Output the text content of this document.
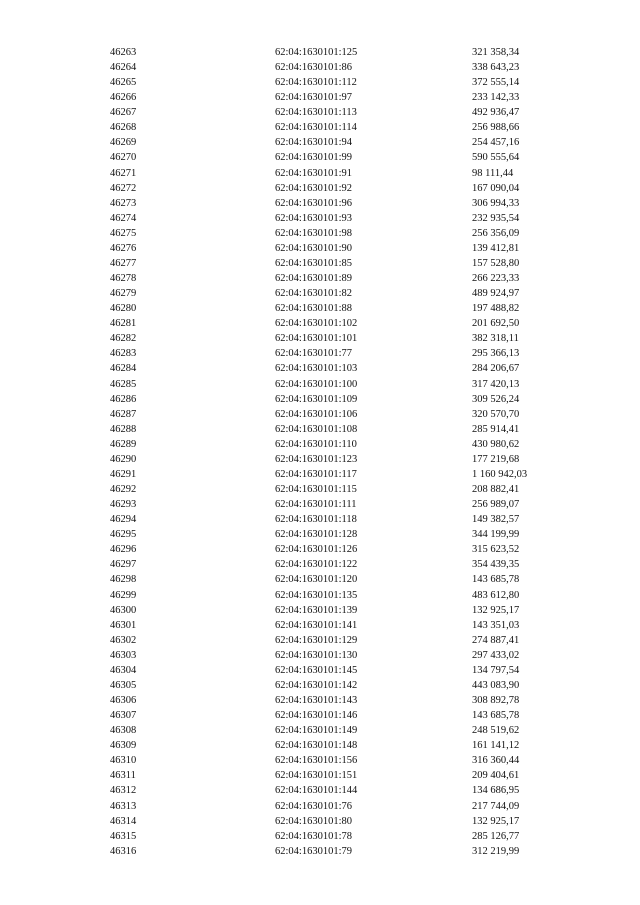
46263	62:04:1630101:125	321 358,34
46264	62:04:1630101:86	338 643,23
46265	62:04:1630101:112	372 555,14
46266	62:04:1630101:97	233 142,33
46267	62:04:1630101:113	492 936,47
46268	62:04:1630101:114	256 988,66
46269	62:04:1630101:94	254 457,16
46270	62:04:1630101:99	590 555,64
46271	62:04:1630101:91	98 111,44
46272	62:04:1630101:92	167 090,04
46273	62:04:1630101:96	306 994,33
46274	62:04:1630101:93	232 935,54
46275	62:04:1630101:98	256 356,09
46276	62:04:1630101:90	139 412,81
46277	62:04:1630101:85	157 528,80
46278	62:04:1630101:89	266 223,33
46279	62:04:1630101:82	489 924,97
46280	62:04:1630101:88	197 488,82
46281	62:04:1630101:102	201 692,50
46282	62:04:1630101:101	382 318,11
46283	62:04:1630101:77	295 366,13
46284	62:04:1630101:103	284 206,67
46285	62:04:1630101:100	317 420,13
46286	62:04:1630101:109	309 526,24
46287	62:04:1630101:106	320 570,70
46288	62:04:1630101:108	285 914,41
46289	62:04:1630101:110	430 980,62
46290	62:04:1630101:123	177 219,68
46291	62:04:1630101:117	1 160 942,03
46292	62:04:1630101:115	208 882,41
46293	62:04:1630101:111	256 989,07
46294	62:04:1630101:118	149 382,57
46295	62:04:1630101:128	344 199,99
46296	62:04:1630101:126	315 623,52
46297	62:04:1630101:122	354 439,35
46298	62:04:1630101:120	143 685,78
46299	62:04:1630101:135	483 612,80
46300	62:04:1630101:139	132 925,17
46301	62:04:1630101:141	143 351,03
46302	62:04:1630101:129	274 887,41
46303	62:04:1630101:130	297 433,02
46304	62:04:1630101:145	134 797,54
46305	62:04:1630101:142	443 083,90
46306	62:04:1630101:143	308 892,78
46307	62:04:1630101:146	143 685,78
46308	62:04:1630101:149	248 519,62
46309	62:04:1630101:148	161 141,12
46310	62:04:1630101:156	316 360,44
46311	62:04:1630101:151	209 404,61
46312	62:04:1630101:144	134 686,95
46313	62:04:1630101:76	217 744,09
46314	62:04:1630101:80	132 925,17
46315	62:04:1630101:78	285 126,77
46316	62:04:1630101:79	312 219,99
